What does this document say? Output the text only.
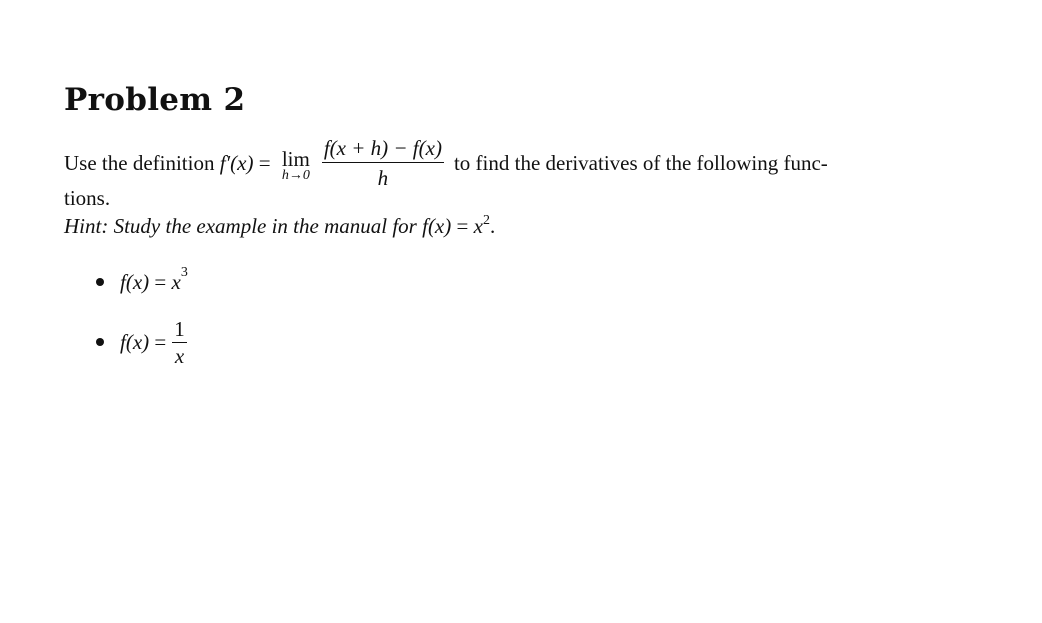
Problem 2
Use the definition f′(x) = lim
$h\to 0 \frac{f(x + h) - f(x)}{h}$ to find the derivatives of the following func-
tions.
Hint: Study the example in the manual for $f(x) = x^2$.
$f(x) = x^3$
$f(x) = \frac{1}{x}$
